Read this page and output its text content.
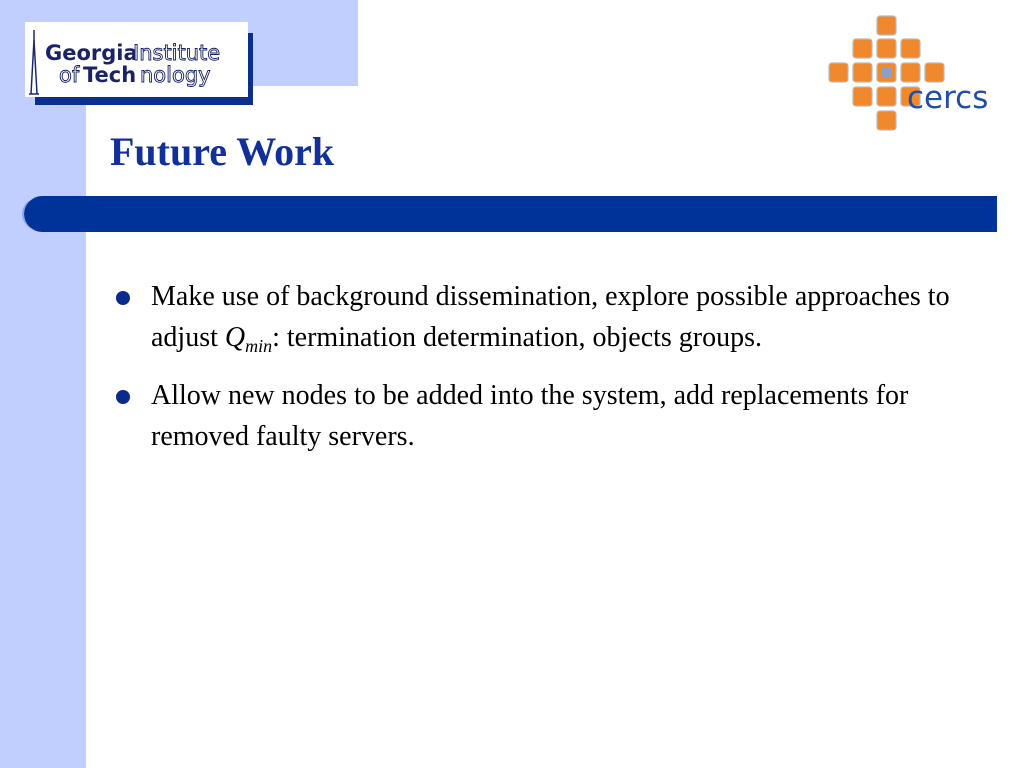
Georgia
Institute
of Tech nology
cercs
Future Work
Make use of background dissemination, explore possible approaches to adjust $Q_{min}$: termination determination, objects groups.
Allow new nodes to be added into the system, add replacements for removed faulty servers.
